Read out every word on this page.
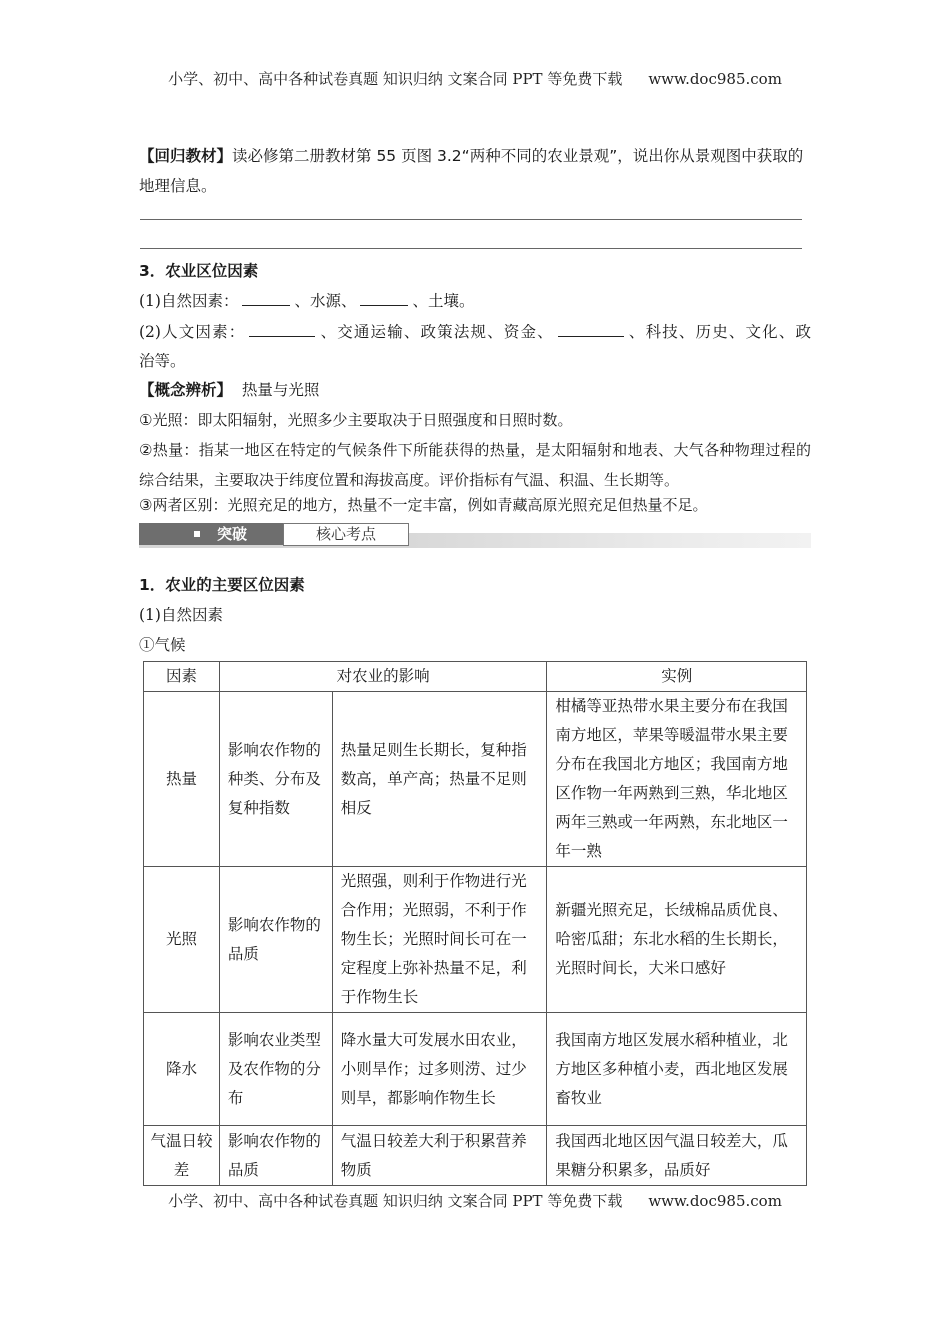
小学、初中、高中各种试卷真题 知识归纳 文案合同 PPT 等免费下载 www.doc985.com
【回归教材】读必修第二册教材第 55 页图 3.2“两种不同的农业景观”，说出你从景观图中获取的地理信息。
3．农业区位因素
(1)自然因素：	、水源、	、土壤。
(2)人文因素：	、交通运输、政策法规、资金、	、科技、历史、文化、政
治等。
【概念辨析】 热量与光照
①光照：即太阳辐射，光照多少主要取决于日照强度和日照时数。
②热量：指某一地区在特定的气候条件下所能获得的热量，是太阳辐射和地表、大气各种物理过程的综合结果，主要取决于纬度位置和海拔高度。评价指标有气温、积温、生长期等。
③两者区别：光照充足的地方，热量不一定丰富，例如青藏高原光照充足但热量不足。
突破	核心考点
1．农业的主要区位因素
(1)自然因素
①气候
因素	对农业的影响		实例
热量	影响农作物的种类、分布及复种指数	热量足则生长期长，复种指数高，单产高；热量不足则相反	柑橘等亚热带水果主要分布在我国南方地区，苹果等暖温带水果主要分布在我国北方地区；我国南方地区作物一年两熟到三熟，华北地区两年三熟或一年两熟，东北地区一年一熟
光照	影响农作物的品质	光照强，则利于作物进行光合作用；光照弱，不利于作物生长；光照时间长可在一定程度上弥补热量不足，利于作物生长	新疆光照充足，长绒棉品质优良、哈密瓜甜；东北水稻的生长期长，光照时间长，大米口感好
降水	影响农业类型及农作物的分布	降水量大可发展水田农业，小则旱作；过多则涝、过少则旱，都影响作物生长	我国南方地区发展水稻种植业，北方地区多种植小麦，西北地区发展畜牧业
气温日较差	影响农作物的品质	气温日较差大利于积累营养物质	我国西北地区因气温日较差大，瓜果糖分积累多，品质好
小学、初中、高中各种试卷真题 知识归纳 文案合同 PPT 等免费下载 www.doc985.com
